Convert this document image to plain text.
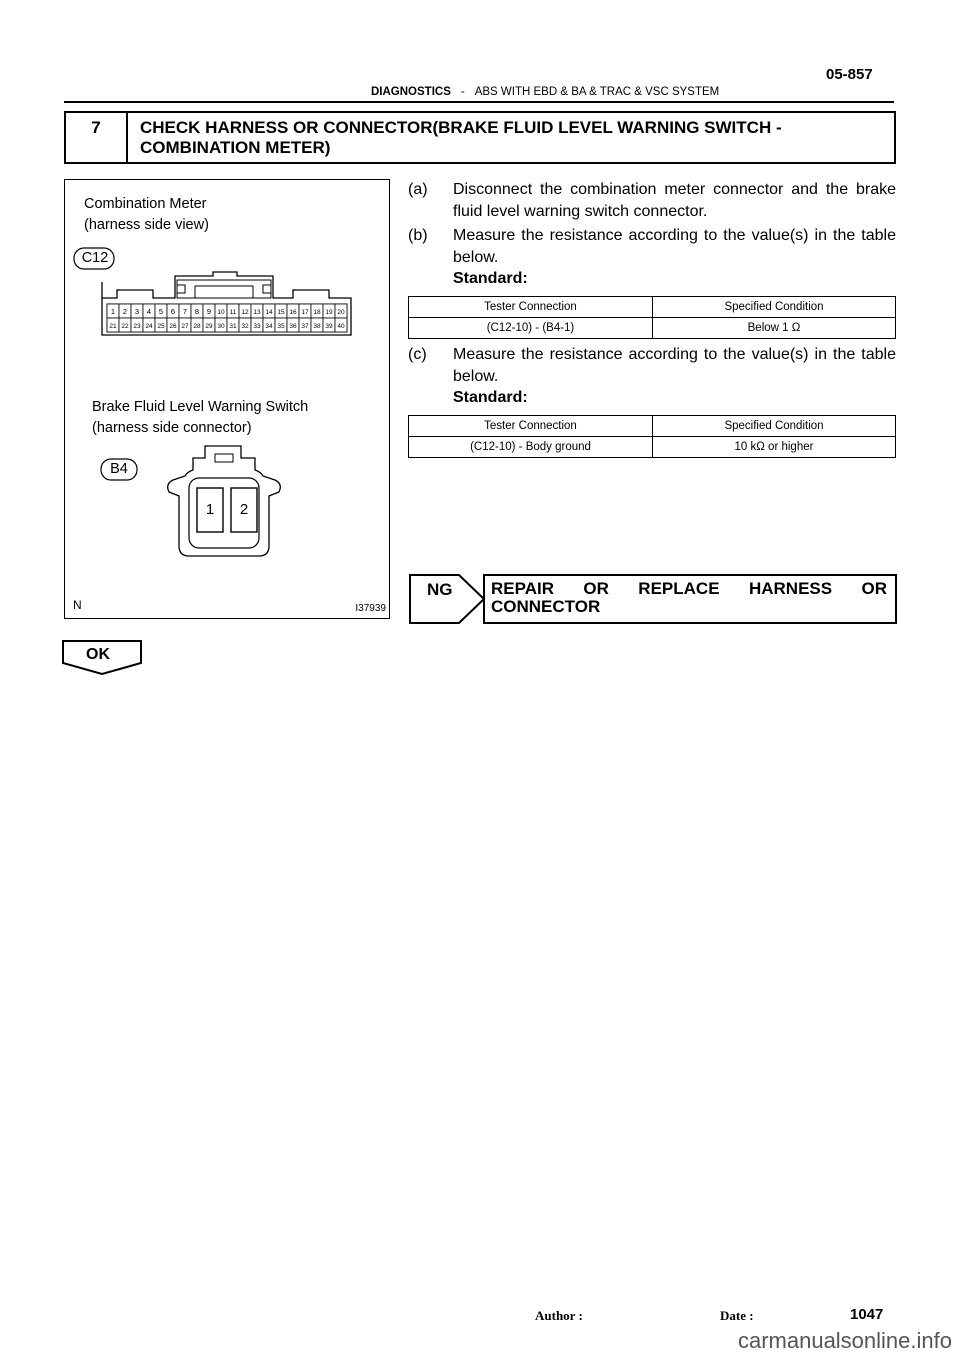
05-857
DIAGNOSTICS - ABS WITH EBD & BA & TRAC & VSC SYSTEM
7	CHECK HARNESS OR CONNECTOR(BRAKE FLUID LEVEL WARNING SWITCH - COMBINATION METER)
Combination Meter
(harness side view)
1 2 3 4 5 6 7 8 9 10 11 12 13 14 15 16 17 18 19 20
21 22 23 24 25 26 27 28 29 30 31 32 33 34 35 36 37 38 39 40
C12
Brake Fluid Level Warning Switch
(harness side connector)
B4
1	2
N	I37939
(a) Disconnect the combination meter connector and the brake fluid level warning switch connector.
(b) Measure the resistance according to the value(s) in the table below.
Standard:
Tester Connection	Specified Condition
(C12-10) - (B4-1)	Below 1 Ω
(c) Measure the resistance according to the value(s) in the table below.
Standard:
Tester Connection	Specified Condition
(C12-10) - Body ground	10 kΩ or higher
NG REPAIR OR REPLACE HARNESS OR CONNECTOR
OK
Author :	Date :	1047
carmanualsonline.info
